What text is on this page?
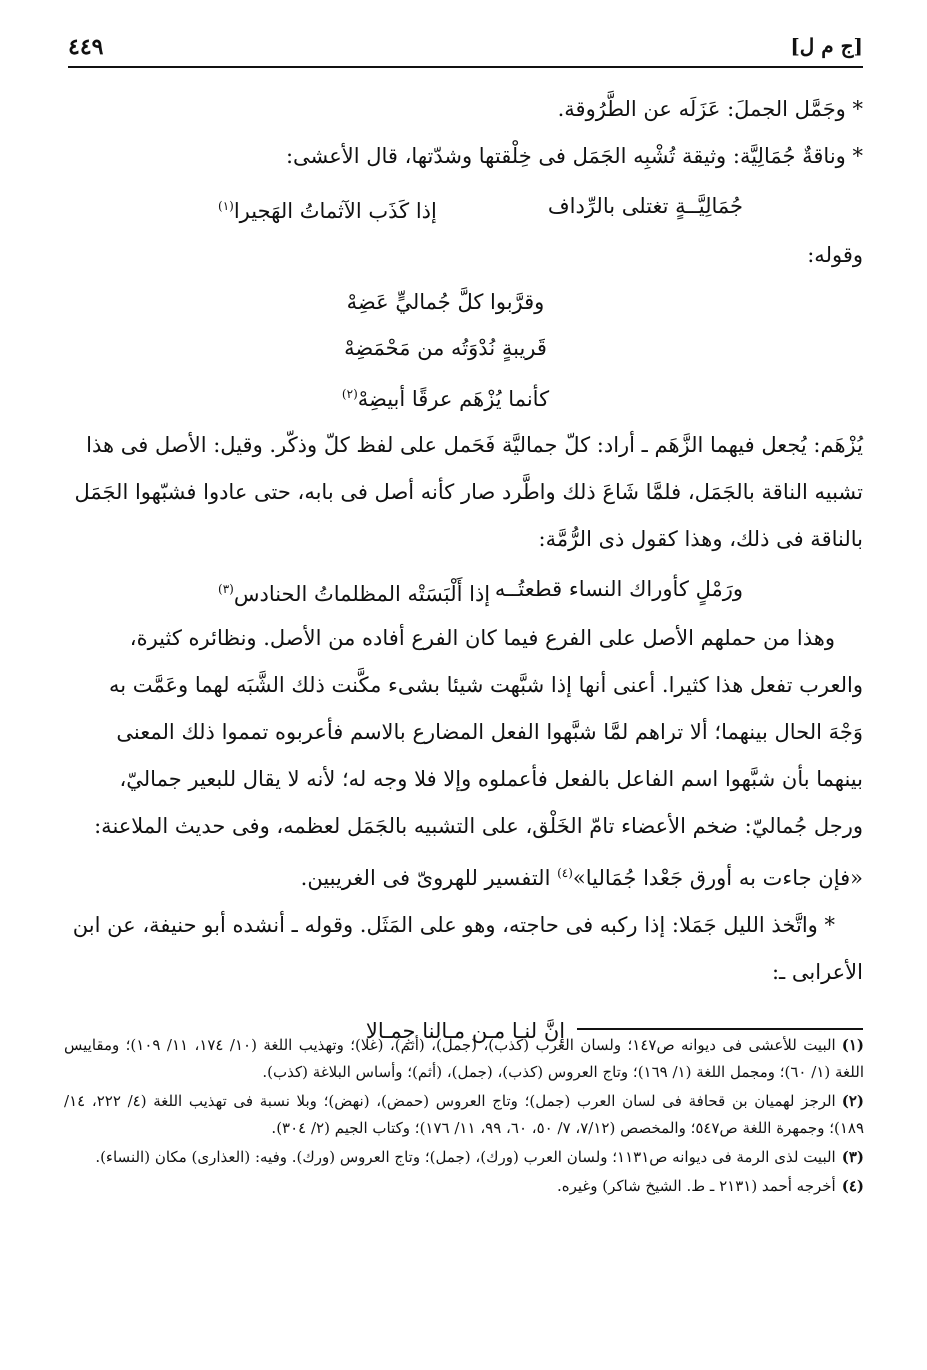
٤٤٩	[ج م ل]

* وجَمَّل الجملَ: عَزَلَه عن الطَّرُوقة.

* وناقةٌ جُمَالِيَّة: وثيقة تُشْبِه الجَمَل فى خِلْقتها وشدّتها، قال الأعشى:

جُمَالِيَّــةٍ تغتلى بالرِّداف
إذا كَذَب الآثماتُ الهَجيرا$^{(١)}$

وقوله:

وقرَّبوا كلَّ جُماليٍّ عَضِهْ
قَريبةٍ نُدْوَتُه من مَحْمَضِهْ
كأنما يُزْهَم عرقًا أبيضِهْ$^{(٢)}$

يُزْهَم: يُجعل فيهما الزَّهَم ـ أراد: كلّ جماليَّة فَحَمل على لفظ كلّ وذكّر. وقيل: الأصل فى هذا تشبيه الناقة بالجَمَل، فلمَّا شَاعَ ذلك واطَّرد صار كأنه أصل فى بابه، حتى عادوا فشبّهوا الجَمَل بالناقة فى ذلك، وهذا كقول ذى الرُّمَّة:

ورَمْلٍ كأوراك النساء قطعتُــه
إذا أَلْبَسَتْه المظلماتُ الحنادس$^{(٣)}$

وهذا من حملهم الأصل على الفرع فيما كان الفرع أفاده من الأصل. ونظائره كثيرة، والعرب تفعل هذا كثيرا. أعنى أنها إذا شبَّهت شيئا بشىء مكَّنت ذلك الشَّبَه لهما وعَمَّت به وَجْهَ الحال بينهما؛ ألا تراهم لمَّا شبَّهوا الفعل المضارع بالاسم فأعربوه تمموا ذلك المعنى بينهما بأن شبَّهوا اسم الفاعل بالفعل فأعملوه وإلا فلا وجه له؛ لأنه لا يقال للبعير جماليّ، ورجل جُماليّ: ضخم الأعضاء تامّ الخَلْق، على التشبيه بالجَمَل لعظمه، وفى حديث الملاعنة: «فإن جاءت به أورق جَعْدا جُمَاليا»$^{(٤)}$ التفسير للهروىّ فى الغريبين.

* واتَّخذ الليل جَمَلا: إذا ركبه فى حاجته، وهو على المَثَل. وقوله ـ أنشده أبو حنيفة، عن ابن الأعرابى ـ:

إنَّ لنـا مـن مـالنا جِمـالا

(١)البيت للأعشى فى ديوانه ص١٤٧؛ ولسان العرب (كذب)، (جمل)، (أثم)، (غلا)؛ وتهذيب اللغة (١٠/ ١٧٤، ١١/ ١٠٩)؛ ومقاييس اللغة (١/ ٦٠)؛ ومجمل اللغة (١/ ١٦٩)؛ وتاج العروس (كذب)، (جمل)، (أثم)؛ وأساس البلاغة (كذب).

(٢)الرجز لهميان بن قحافة فى لسان العرب (جمل)؛ وتاج العروس (حمض)، (نهض)؛ وبلا نسبة فى تهذيب اللغة (٤/ ٢٢٢، ١٤/ ١٨٩)؛ وجمهرة اللغة ص٥٤٧؛ والمخصص (٧/١٢، ٧/ ٥٠، ٦٠، ٩٩، ١١/ ١٧٦)؛ وكتاب الجيم (٢/ ٣٠٤).

(٣)البيت لذى الرمة فى ديوانه ص١١٣١؛ ولسان العرب (ورك)، (جمل)؛ وتاج العروس (ورك). وفيه: (العذارى) مكان (النساء).

(٤)أخرجه أحمد (٢١٣١ ـ ط. الشيخ شاكر) وغيره.
